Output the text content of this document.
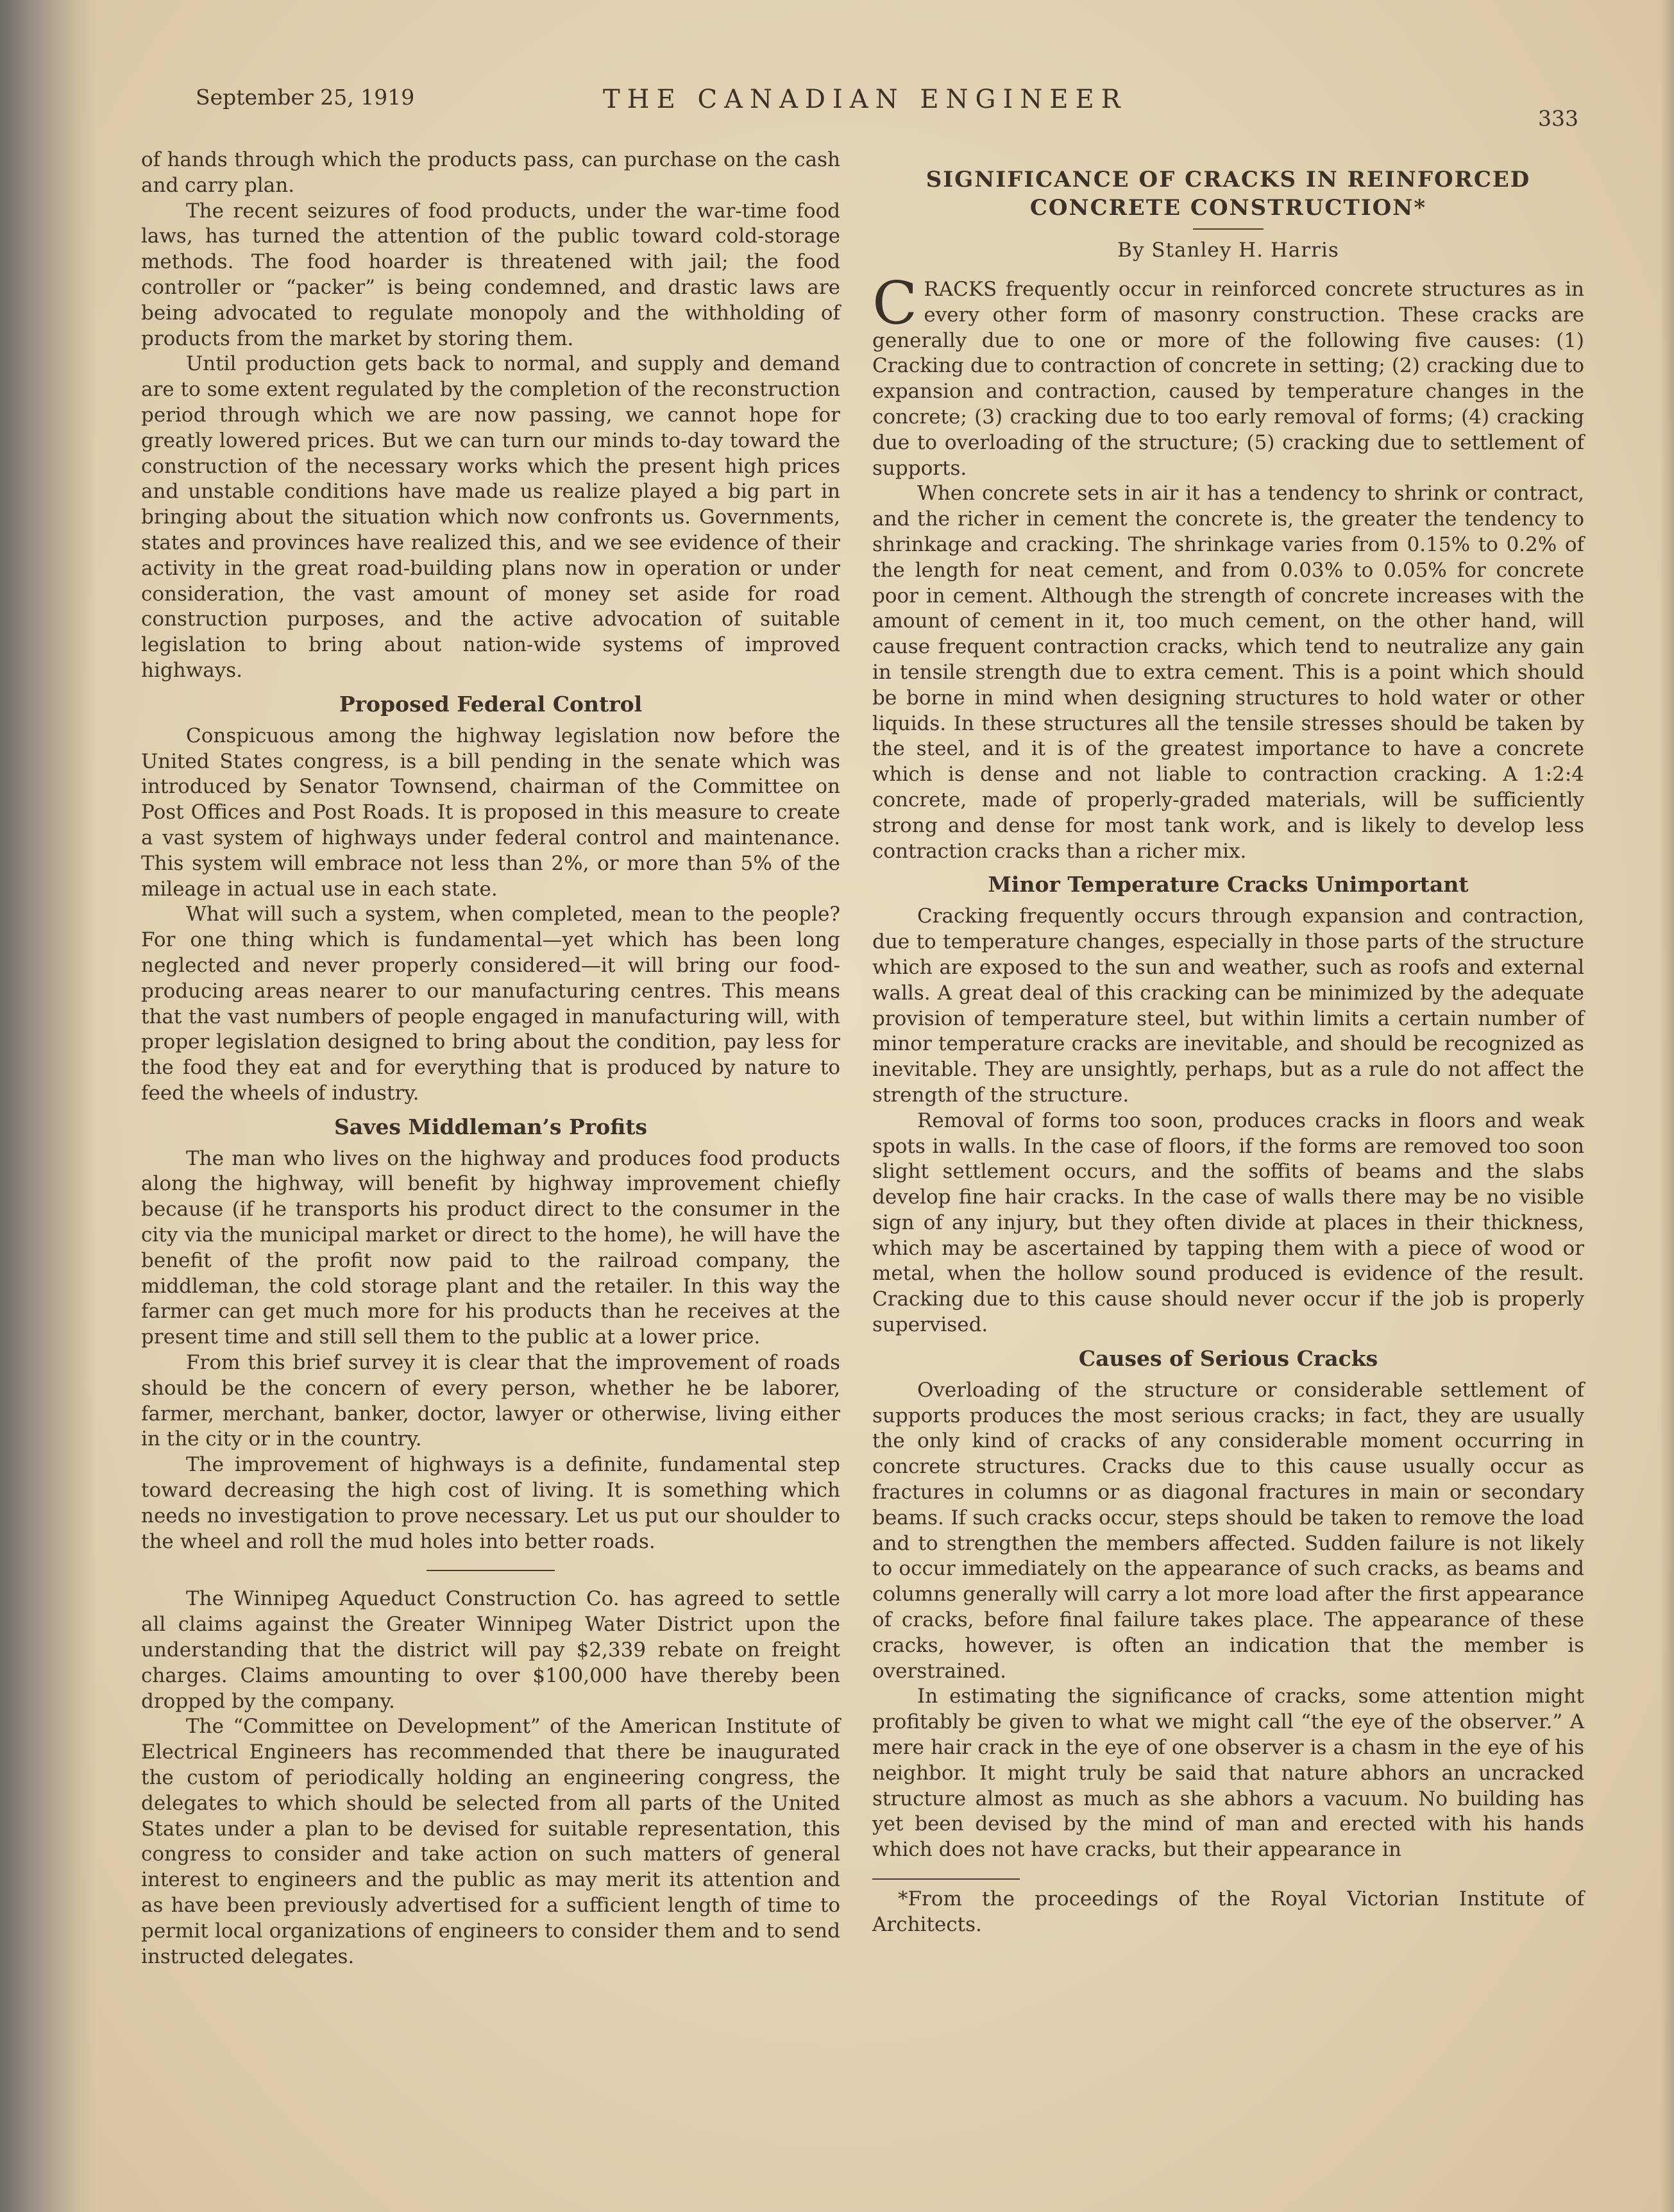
September 25, 1919	THE CANADIAN ENGINEER
333

of hands through which the products pass, can purchase on the cash and carry plan.

The recent seizures of food products, under the war-time food laws, has turned the attention of the public toward cold-storage methods. The food hoarder is threatened with jail; the food controller or “packer” is being condemned, and drastic laws are being advocated to regulate monopoly and the withholding of products from the market by storing them.

Until production gets back to normal, and supply and demand are to some extent regulated by the completion of the reconstruction period through which we are now passing, we cannot hope for greatly lowered prices. But we can turn our minds to-day toward the construction of the necessary works which the present high prices and unstable conditions have made us realize played a big part in bringing about the situation which now confronts us. Governments, states and provinces have realized this, and we see evidence of their activity in the great road-building plans now in operation or under consideration, the vast amount of money set aside for road construction purposes, and the active advocation of suitable legislation to bring about nation-wide systems of improved highways.

Proposed Federal Control

Conspicuous among the highway legislation now before the United States congress, is a bill pending in the senate which was introduced by Senator Townsend, chairman of the Committee on Post Offices and Post Roads. It is proposed in this measure to create a vast system of highways under federal control and maintenance. This system will embrace not less than 2%, or more than 5% of the mileage in actual use in each state.

What will such a system, when completed, mean to the people? For one thing which is fundamental—yet which has been long neglected and never properly considered—it will bring our food-producing areas nearer to our manufacturing centres. This means that the vast numbers of people engaged in manufacturing will, with proper legislation designed to bring about the condition, pay less for the food they eat and for everything that is produced by nature to feed the wheels of industry.

Saves Middleman’s Profits

The man who lives on the highway and produces food products along the highway, will benefit by highway improvement chiefly because (if he transports his product direct to the consumer in the city via the municipal market or direct to the home), he will have the benefit of the profit now paid to the railroad company, the middleman, the cold storage plant and the retailer. In this way the farmer can get much more for his products than he receives at the present time and still sell them to the public at a lower price.

From this brief survey it is clear that the improvement of roads should be the concern of every person, whether he be laborer, farmer, merchant, banker, doctor, lawyer or otherwise, living either in the city or in the country.

The improvement of highways is a definite, fundamental step toward decreasing the high cost of living. It is something which needs no investigation to prove necessary. Let us put our shoulder to the wheel and roll the mud holes into better roads.

The Winnipeg Aqueduct Construction Co. has agreed to settle all claims against the Greater Winnipeg Water District upon the understanding that the district will pay $2,339 rebate on freight charges. Claims amounting to over $100,000 have thereby been dropped by the company.

The “Committee on Development” of the American Institute of Electrical Engineers has recommended that there be inaugurated the custom of periodically holding an engineering congress, the delegates to which should be selected from all parts of the United States under a plan to be devised for suitable representation, this congress to consider and take action on such matters of general interest to engineers and the public as may merit its attention and as have been previously advertised for a sufficient length of time to permit local organizations of engineers to consider them and to send instructed delegates.

SIGNIFICANCE OF CRACKS IN REINFORCED
CONCRETE CONSTRUCTION*
By Stanley H. Harris

CRACKS frequently occur in reinforced concrete structures as in every other form of masonry construction. These cracks are generally due to one or more of the following five causes: (1) Cracking due to contraction of concrete in setting; (2) cracking due to expansion and contraction, caused by temperature changes in the concrete; (3) cracking due to too early removal of forms; (4) cracking due to overloading of the structure; (5) cracking due to settlement of supports.

When concrete sets in air it has a tendency to shrink or contract, and the richer in cement the concrete is, the greater the tendency to shrinkage and cracking. The shrinkage varies from 0.15% to 0.2% of the length for neat cement, and from 0.03% to 0.05% for concrete poor in cement. Although the strength of concrete increases with the amount of cement in it, too much cement, on the other hand, will cause frequent contraction cracks, which tend to neutralize any gain in tensile strength due to extra cement. This is a point which should be borne in mind when designing structures to hold water or other liquids. In these structures all the tensile stresses should be taken by the steel, and it is of the greatest importance to have a concrete which is dense and not liable to contraction cracking. A 1:2:4 concrete, made of properly-graded materials, will be sufficiently strong and dense for most tank work, and is likely to develop less contraction cracks than a richer mix.

Minor Temperature Cracks Unimportant

Cracking frequently occurs through expansion and contraction, due to temperature changes, especially in those parts of the structure which are exposed to the sun and weather, such as roofs and external walls. A great deal of this cracking can be minimized by the adequate provision of temperature steel, but within limits a certain number of minor temperature cracks are inevitable, and should be recognized as inevitable. They are unsightly, perhaps, but as a rule do not affect the strength of the structure.

Removal of forms too soon, produces cracks in floors and weak spots in walls. In the case of floors, if the forms are removed too soon slight settlement occurs, and the soffits of beams and the slabs develop fine hair cracks. In the case of walls there may be no visible sign of any injury, but they often divide at places in their thickness, which may be ascertained by tapping them with a piece of wood or metal, when the hollow sound produced is evidence of the result. Cracking due to this cause should never occur if the job is properly supervised.

Causes of Serious Cracks

Overloading of the structure or considerable settlement of supports produces the most serious cracks; in fact, they are usually the only kind of cracks of any considerable moment occurring in concrete structures. Cracks due to this cause usually occur as fractures in columns or as diagonal fractures in main or secondary beams. If such cracks occur, steps should be taken to remove the load and to strengthen the members affected. Sudden failure is not likely to occur immediately on the appearance of such cracks, as beams and columns generally will carry a lot more load after the first appearance of cracks, before final failure takes place. The appearance of these cracks, however, is often an indication that the member is overstrained.

In estimating the significance of cracks, some attention might profitably be given to what we might call “the eye of the observer.” A mere hair crack in the eye of one observer is a chasm in the eye of his neighbor. It might truly be said that nature abhors an uncracked structure almost as much as she abhors a vacuum. No building has yet been devised by the mind of man and erected with his hands which does not have cracks, but their appearance in

*From the proceedings of the Royal Victorian Institute of Architects.
